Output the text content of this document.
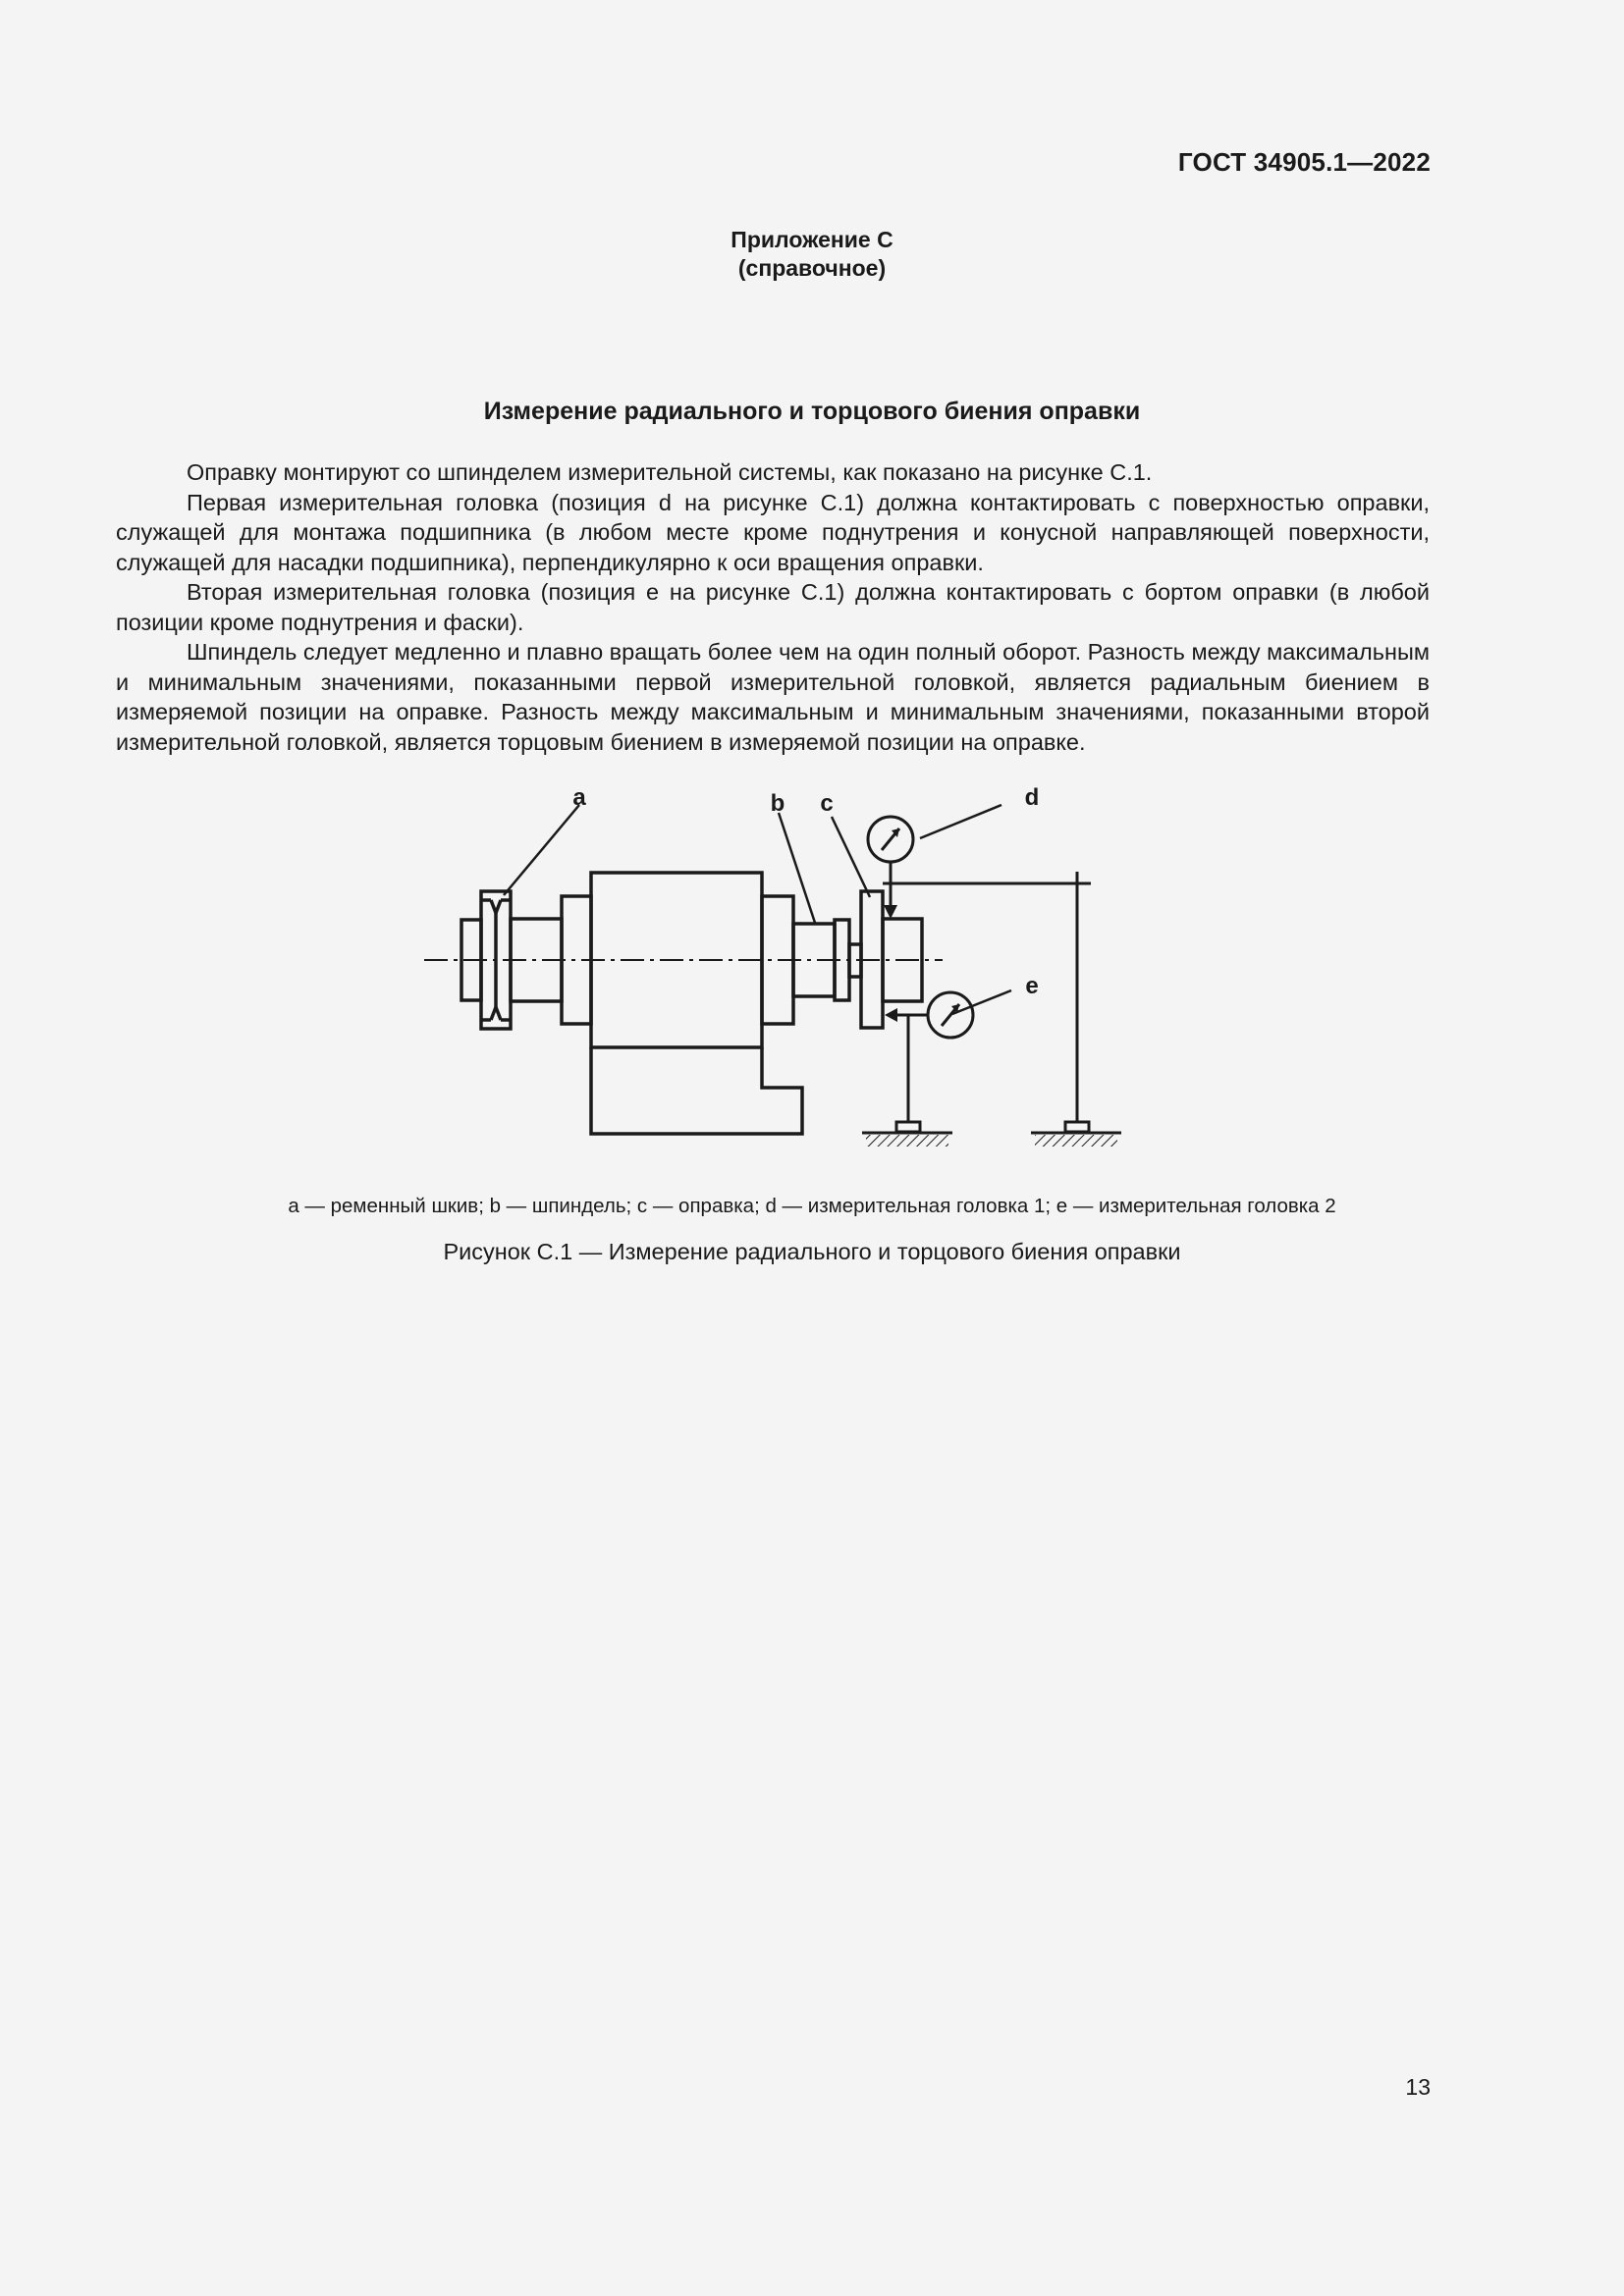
ГОСТ 34905.1—2022
Приложение С
(справочное)
Измерение радиального и торцового биения оправки

Оправку монтируют со шпинделем измерительной системы, как показано на рисунке С.1.

Первая измерительная головка (позиция d на рисунке С.1) должна контактировать с поверхностью оправки, служащей для монтажа подшипника (в любом месте кроме поднутрения и конусной направляющей поверхности, служащей для насадки подшипника), перпендикулярно к оси вращения оправки.

Вторая измерительная головка (позиция е на рисунке С.1) должна контактировать с бортом оправки (в любой позиции кроме поднутрения и фаски).

Шпиндель следует медленно и плавно вращать более чем на один полный оборот. Разность между максимальным и минимальным значениями, показанными первой измерительной головкой, является радиальным биением в измеряемой позиции на оправке. Разность между максимальным и минимальным значениями, показанными второй измерительной головкой, является торцовым биением в измеряемой позиции на оправке.

a	b c	d
e
a — ременный шкив; b — шпиндель; c — оправка; d — измерительная головка 1; e — измерительная головка 2
Рисунок С.1 — Измерение радиального и торцового биения оправки
13
